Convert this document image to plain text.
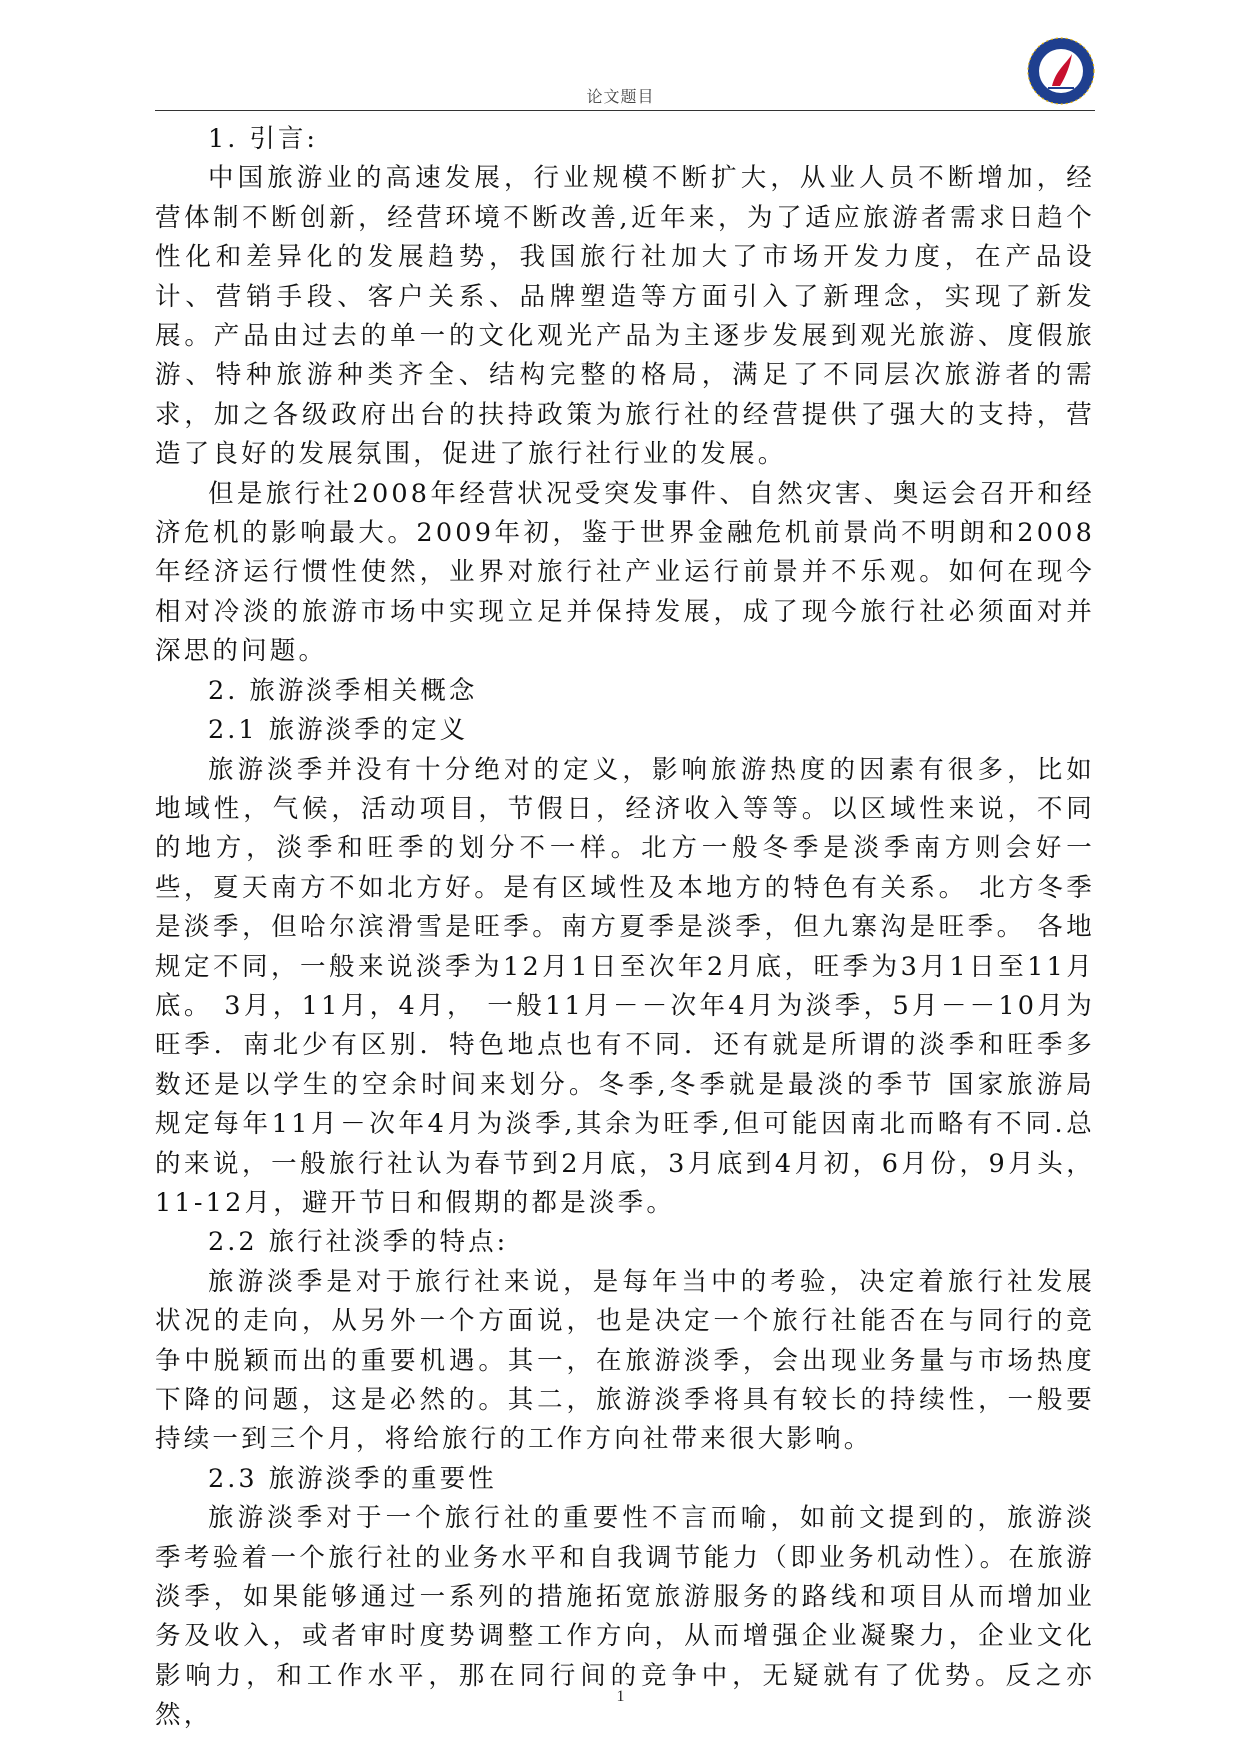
论文题目

1. 引言:

中国旅游业的高速发展，行业规模不断扩大，从业人员不断增加，经营体制不断创新，经营环境不断改善,近年来，为了适应旅游者需求日趋个性化和差异化的发展趋势，我国旅行社加大了市场开发力度，在产品设计、营销手段、客户关系、品牌塑造等方面引入了新理念，实现了新发展。产品由过去的单一的文化观光产品为主逐步发展到观光旅游、度假旅游、特种旅游种类齐全、结构完整的格局，满足了不同层次旅游者的需求，加之各级政府出台的扶持政策为旅行社的经营提供了强大的支持，营造了良好的发展氛围，促进了旅行社行业的发展。

但是旅行社2008年经营状况受突发事件、自然灾害、奥运会召开和经济危机的影响最大。2009年初，鉴于世界金融危机前景尚不明朗和2008年经济运行惯性使然，业界对旅行社产业运行前景并不乐观。如何在现今相对冷淡的旅游市场中实现立足并保持发展，成了现今旅行社必须面对并深思的问题。

2. 旅游淡季相关概念

2.1 旅游淡季的定义

旅游淡季并没有十分绝对的定义，影响旅游热度的因素有很多，比如地域性，气候，活动项目，节假日，经济收入等等。以区域性来说，不同的地方，淡季和旺季的划分不一样。北方一般冬季是淡季南方则会好一些，夏天南方不如北方好。是有区域性及本地方的特色有关系。 北方冬季是淡季，但哈尔滨滑雪是旺季。南方夏季是淡季，但九寨沟是旺季。 各地规定不同，一般来说淡季为12月1日至次年2月底，旺季为3月1日至11月底。 3月，11月，4月， 一般11月－－次年4月为淡季，5月－－10月为旺季．南北少有区别．特色地点也有不同．还有就是所谓的淡季和旺季多数还是以学生的空余时间来划分。冬季,冬季就是最淡的季节 国家旅游局规定每年11月－次年4月为淡季,其余为旺季,但可能因南北而略有不同.总的来说，一般旅行社认为春节到2月底，3月底到4月初，6月份，9月头，11-12月，避开节日和假期的都是淡季。

2.2 旅行社淡季的特点:

旅游淡季是对于旅行社来说，是每年当中的考验，决定着旅行社发展状况的走向，从另外一个方面说，也是决定一个旅行社能否在与同行的竞争中脱颖而出的重要机遇。其一，在旅游淡季，会出现业务量与市场热度下降的问题，这是必然的。其二，旅游淡季将具有较长的持续性，一般要持续一到三个月，将给旅行的工作方向社带来很大影响。

2.3 旅游淡季的重要性

旅游淡季对于一个旅行社的重要性不言而喻，如前文提到的，旅游淡季考验着一个旅行社的业务水平和自我调节能力（即业务机动性）。在旅游淡季，如果能够通过一系列的措施拓宽旅游服务的路线和项目从而增加业务及收入，或者审时度势调整工作方向，从而增强企业凝聚力，企业文化影响力，和工作水平，那在同行间的竞争中，无疑就有了优势。反之亦然，

1
